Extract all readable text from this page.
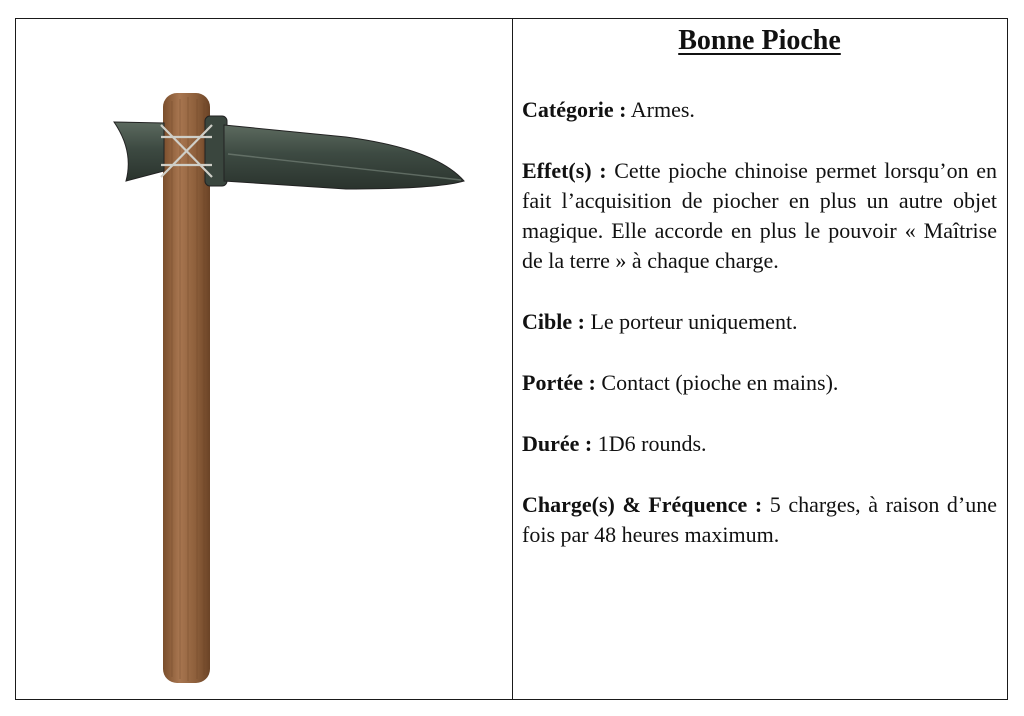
Bonne Pioche
Catégorie : Armes.
Effet(s) : Cette pioche chinoise permet lorsqu’on en fait l’acquisition de piocher en plus un autre objet magique. Elle accorde en plus le pouvoir « Maîtrise de la terre » à chaque charge.
Cible : Le porteur uniquement.
Portée : Contact (pioche en mains).
Durée : 1D6 rounds.
Charge(s) & Fréquence : 5 charges, à raison d’une fois par 48 heures maximum.
